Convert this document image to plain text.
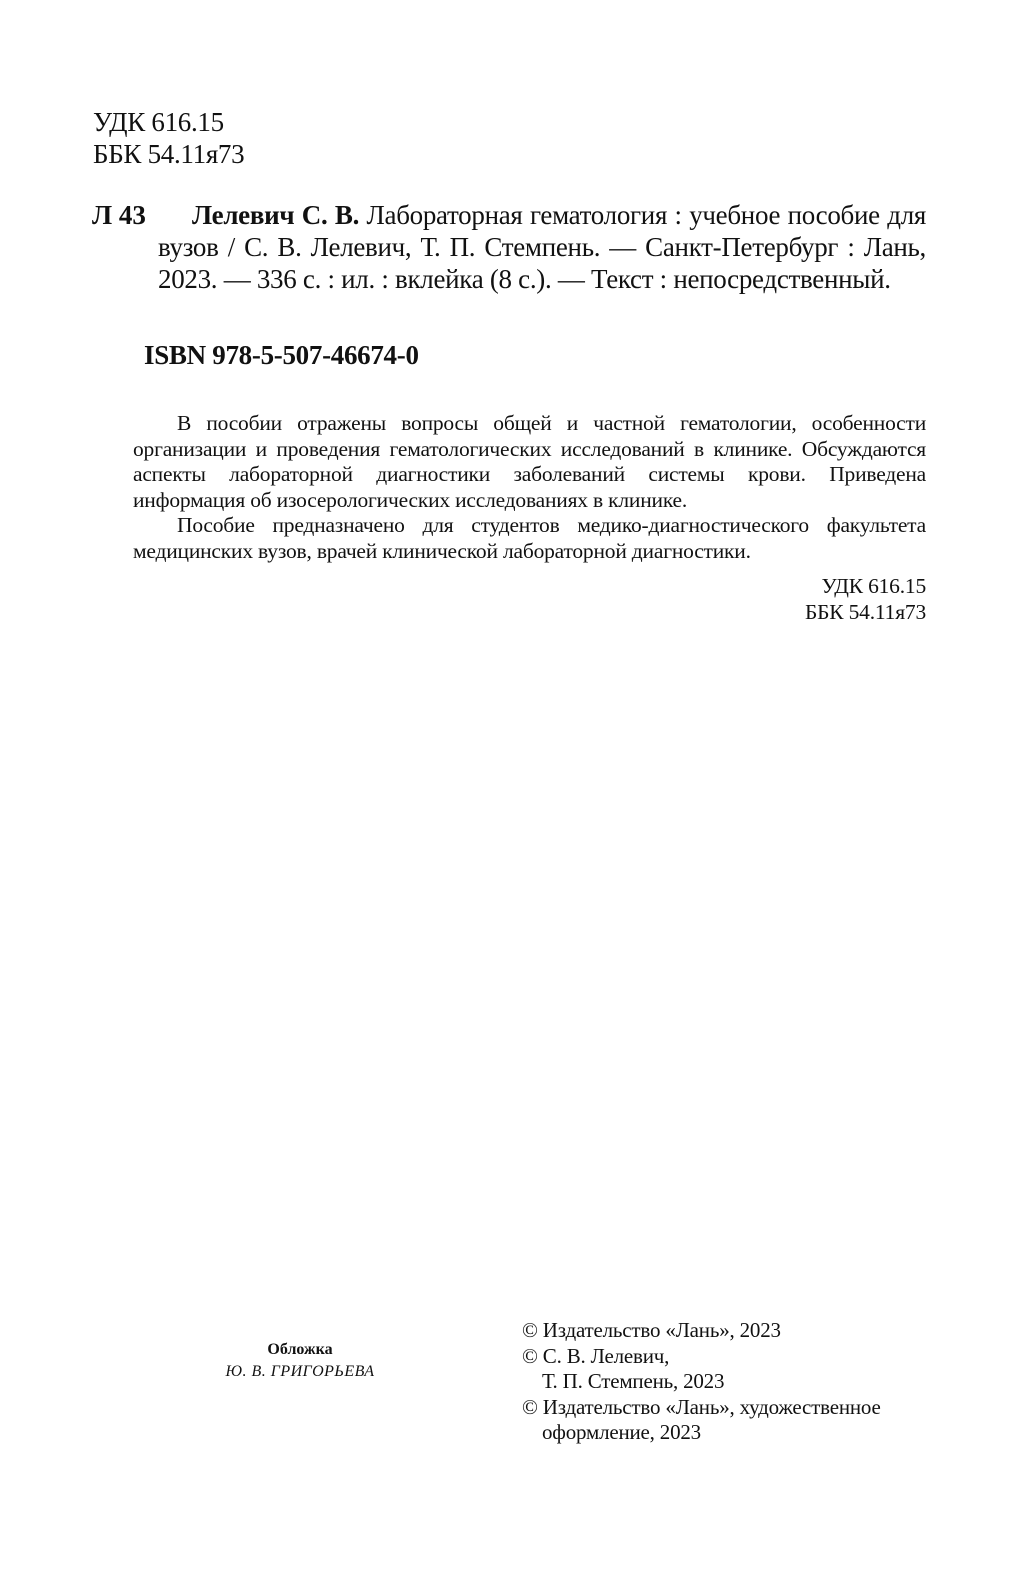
УДК 616.15
ББК 54.11я73
Л 43	Лелевич С. В. Лабораторная гематология : учебное пособие для вузов / С. В. Лелевич, Т. П. Стемпень. — Санкт-Петербург : Лань, 2023. — 336 с. : ил. : вклейка (8 с.). — Текст : непосредственный.
ISBN 978-5-507-46674-0

В пособии отражены вопросы общей и частной гематологии, особенности организации и проведения гематологических исследований в клинике. Обсуждаются аспекты лабораторной диагностики заболеваний системы крови. Приведена информация об изосерологических исследованиях в клинике.

Пособие предназначено для студентов медико-диагностического факультета медицинских вузов, врачей клинической лабораторной диагностики.

УДК 616.15
ББК 54.11я73
Обложка
Ю. В. ГРИГОРЬЕВА
© Издательство «Лань», 2023
© С. В. Лелевич,
Т. П. Стемпень, 2023
© Издательство «Лань», художественное
оформление, 2023
